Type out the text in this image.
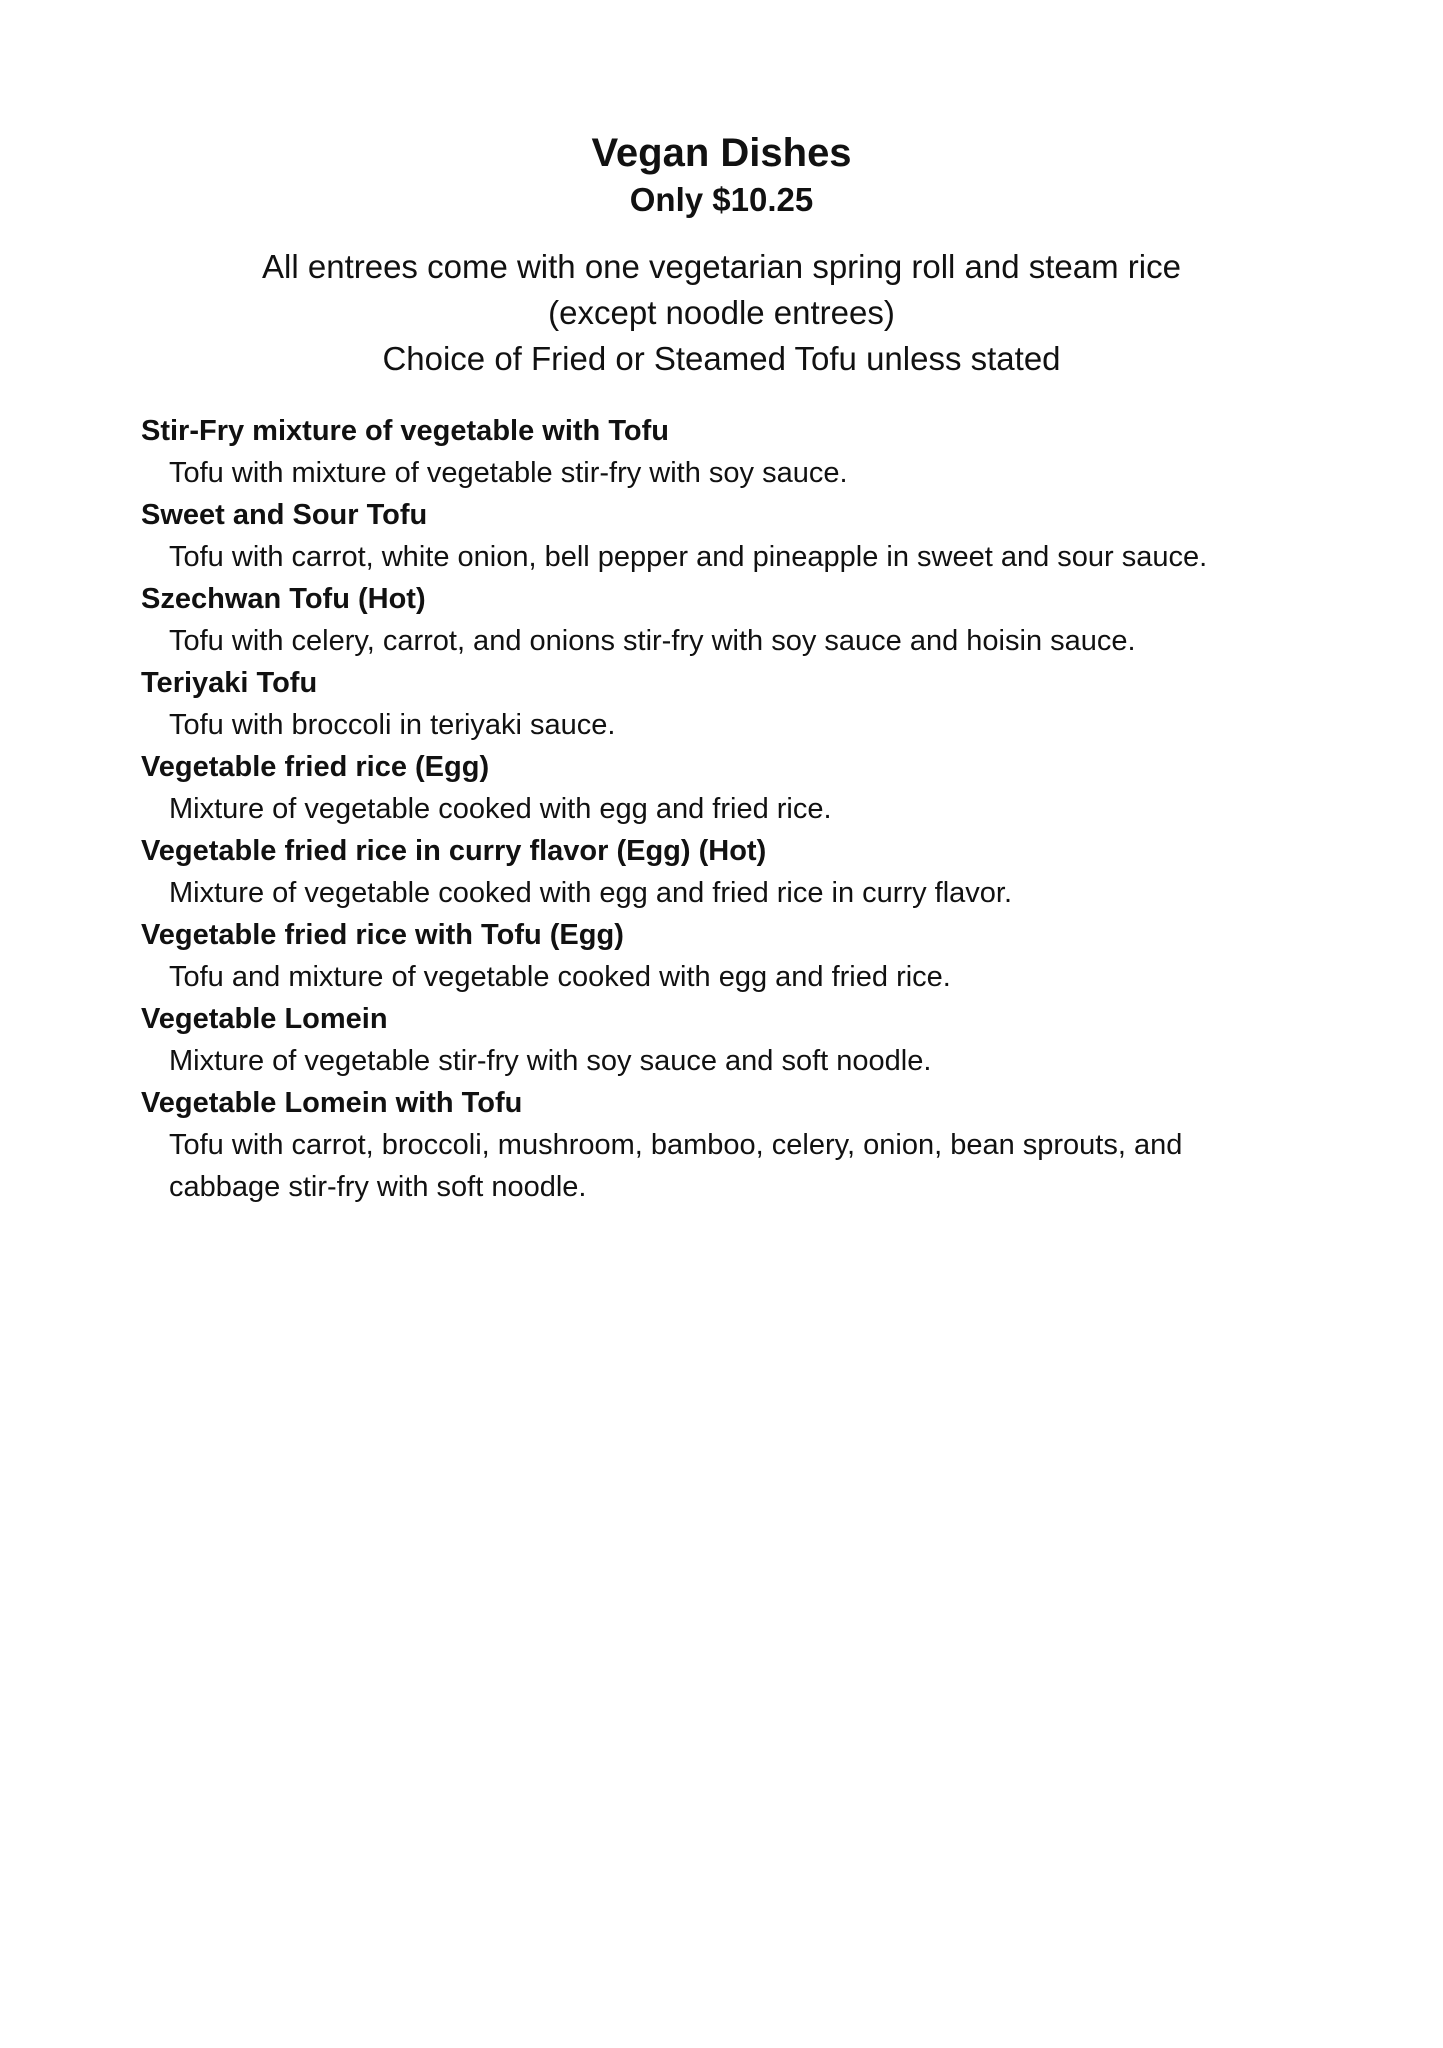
Vegan Dishes
Only $10.25
All entrees come with one vegetarian spring roll and steam rice
(except noodle entrees)
Choice of Fried or Steamed Tofu unless stated
Stir-Fry mixture of vegetable with Tofu
Tofu with mixture of vegetable stir-fry with soy sauce.
Sweet and Sour Tofu
Tofu with carrot, white onion, bell pepper and pineapple in sweet and sour sauce.
Szechwan Tofu (Hot)
Tofu with celery, carrot, and onions stir-fry with soy sauce and hoisin sauce.
Teriyaki Tofu
Tofu with broccoli in teriyaki sauce.
Vegetable fried rice (Egg)
Mixture of vegetable cooked with egg and fried rice.
Vegetable fried rice in curry flavor (Egg) (Hot)
Mixture of vegetable cooked with egg and fried rice in curry flavor.
Vegetable fried rice with Tofu (Egg)
Tofu and mixture of vegetable cooked with egg and fried rice.
Vegetable Lomein
Mixture of vegetable stir-fry with soy sauce and soft noodle.
Vegetable Lomein with Tofu
Tofu with carrot, broccoli, mushroom, bamboo, celery, onion, bean sprouts, and cabbage stir-fry with soft noodle.
